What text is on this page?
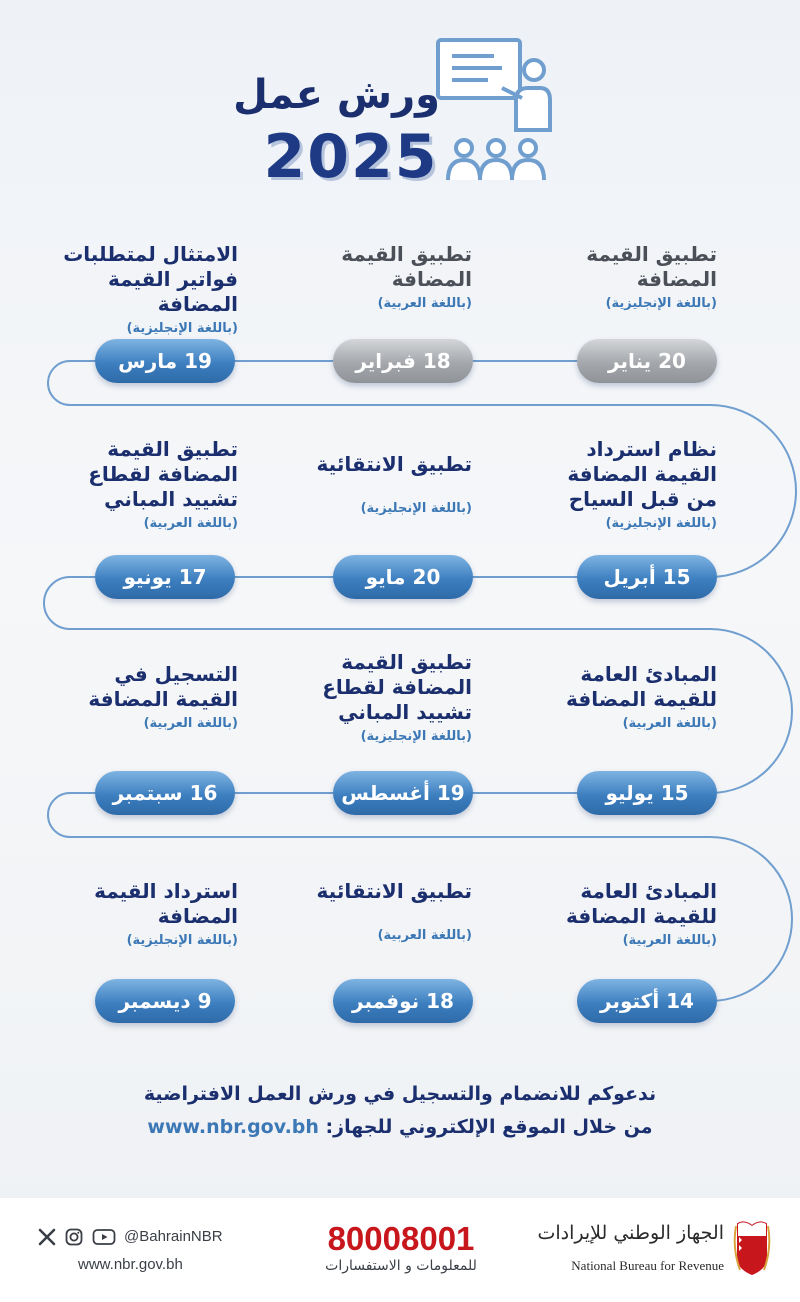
ورش عمل
2025
تطبيق القيمة
المضافة
(باللغة الإنجليزية)
تطبيق القيمة
المضافة
(باللغة العربية)
الامتثال لمتطلبات
فواتير القيمة المضافة
(باللغة الإنجليزية)
20 يناير
18 فبراير
19 مارس
نظام استرداد
القيمة المضافة
من قبل السياح
(باللغة الإنجليزية)
تطبيق الانتقائية
(باللغة الإنجليزية)
تطبيق القيمة
المضافة لقطاع
تشييد المباني
(باللغة العربية)
15 أبريل
20 مايو
17 يونيو
المبادئ العامة
للقيمة المضافة
(باللغة العربية)
تطبيق القيمة
المضافة لقطاع
تشييد المباني
(باللغة الإنجليزية)
التسجيل في
القيمة المضافة
(باللغة العربية)
15 يوليو
19 أغسطس
16 سبتمبر
المبادئ العامة
للقيمة المضافة
(باللغة العربية)
تطبيق الانتقائية
(باللغة العربية)
استرداد القيمة
المضافة
(باللغة الإنجليزية)
14 أكتوبر
18 نوفمبر
9 ديسمبر
ندعوكم للانضمام والتسجيل في ورش العمل الافتراضية
من خلال الموقع الإلكتروني للجهاز: www.nbr.gov.bh
@BahrainNBR
www.nbr.gov.bh
80008001
للمعلومات و الاستفسارات
الجهاز الوطني للإيرادات
National Bureau for Revenue
